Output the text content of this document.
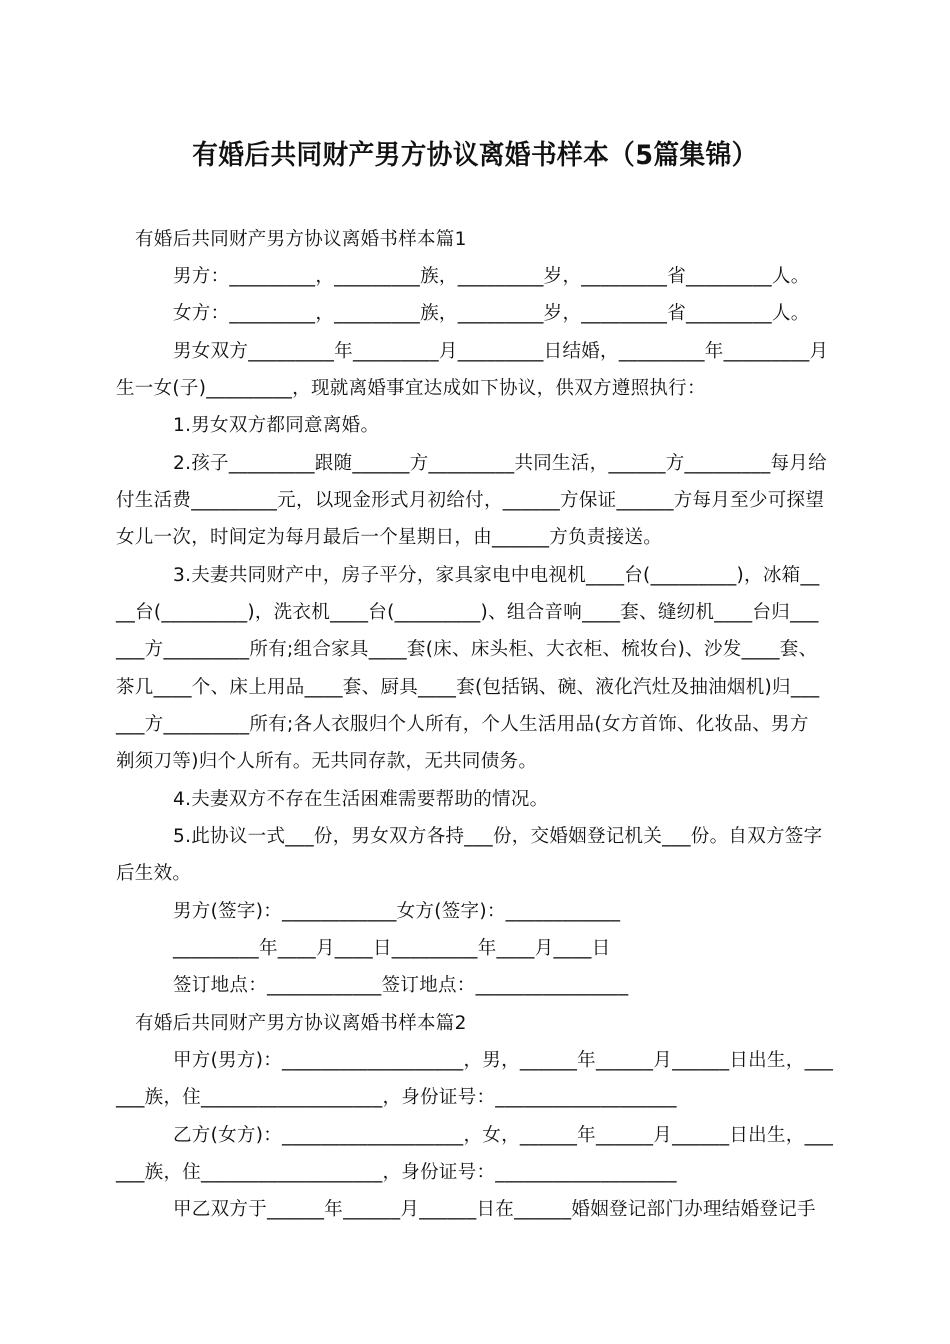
有婚后共同财产男方协议离婚书样本（5篇集锦）
有婚后共同财产男方协议离婚书样本篇1
男方：_________，_________族，_________岁，_________省_________人。
女方：_________，_________族，_________岁，_________省_________人。
男女双方_________年_________月_________日结婚，_________年_________月
生一女(子)_________，现就离婚事宜达成如下协议，供双方遵照执行：
1.男女双方都同意离婚。
2.孩子_________跟随______方_________共同生活，______方_________每月给
付生活费_________元，以现金形式月初给付，______方保证______方每月至少可探望
女儿一次，时间定为每月最后一个星期日，由______方负责接送。
3.夫妻共同财产中，房子平分，家具家电中电视机____台(_________)，冰箱__
__台(_________)，洗衣机____台(_________)、组合音响____套、缝纫机____台归___
___方_________所有;组合家具____套(床、床头柜、大衣柜、梳妆台)、沙发____套、
茶几____个、床上用品____套、厨具____套(包括锅、碗、液化汽灶及抽油烟机)归___
___方_________所有;各人衣服归个人所有，个人生活用品(女方首饰、化妆品、男方
剃须刀等)归个人所有。无共同存款，无共同债务。
4.夫妻双方不存在生活困难需要帮助的情况。
5.此协议一式___份，男女双方各持___份，交婚姻登记机关___份。自双方签字
后生效。
男方(签字)：____________女方(签字)：____________
_________年____月____日_________年____月____日
签订地点：____________签订地点：________________
有婚后共同财产男方协议离婚书样本篇2
甲方(男方)：___________________，男，______年______月______日出生，___
___族，住___________________，身份证号：___________________
乙方(女方)：___________________，女，______年______月______日出生，___
___族，住___________________，身份证号：___________________
甲乙双方于______年______月______日在______婚姻登记部门办理结婚登记手
